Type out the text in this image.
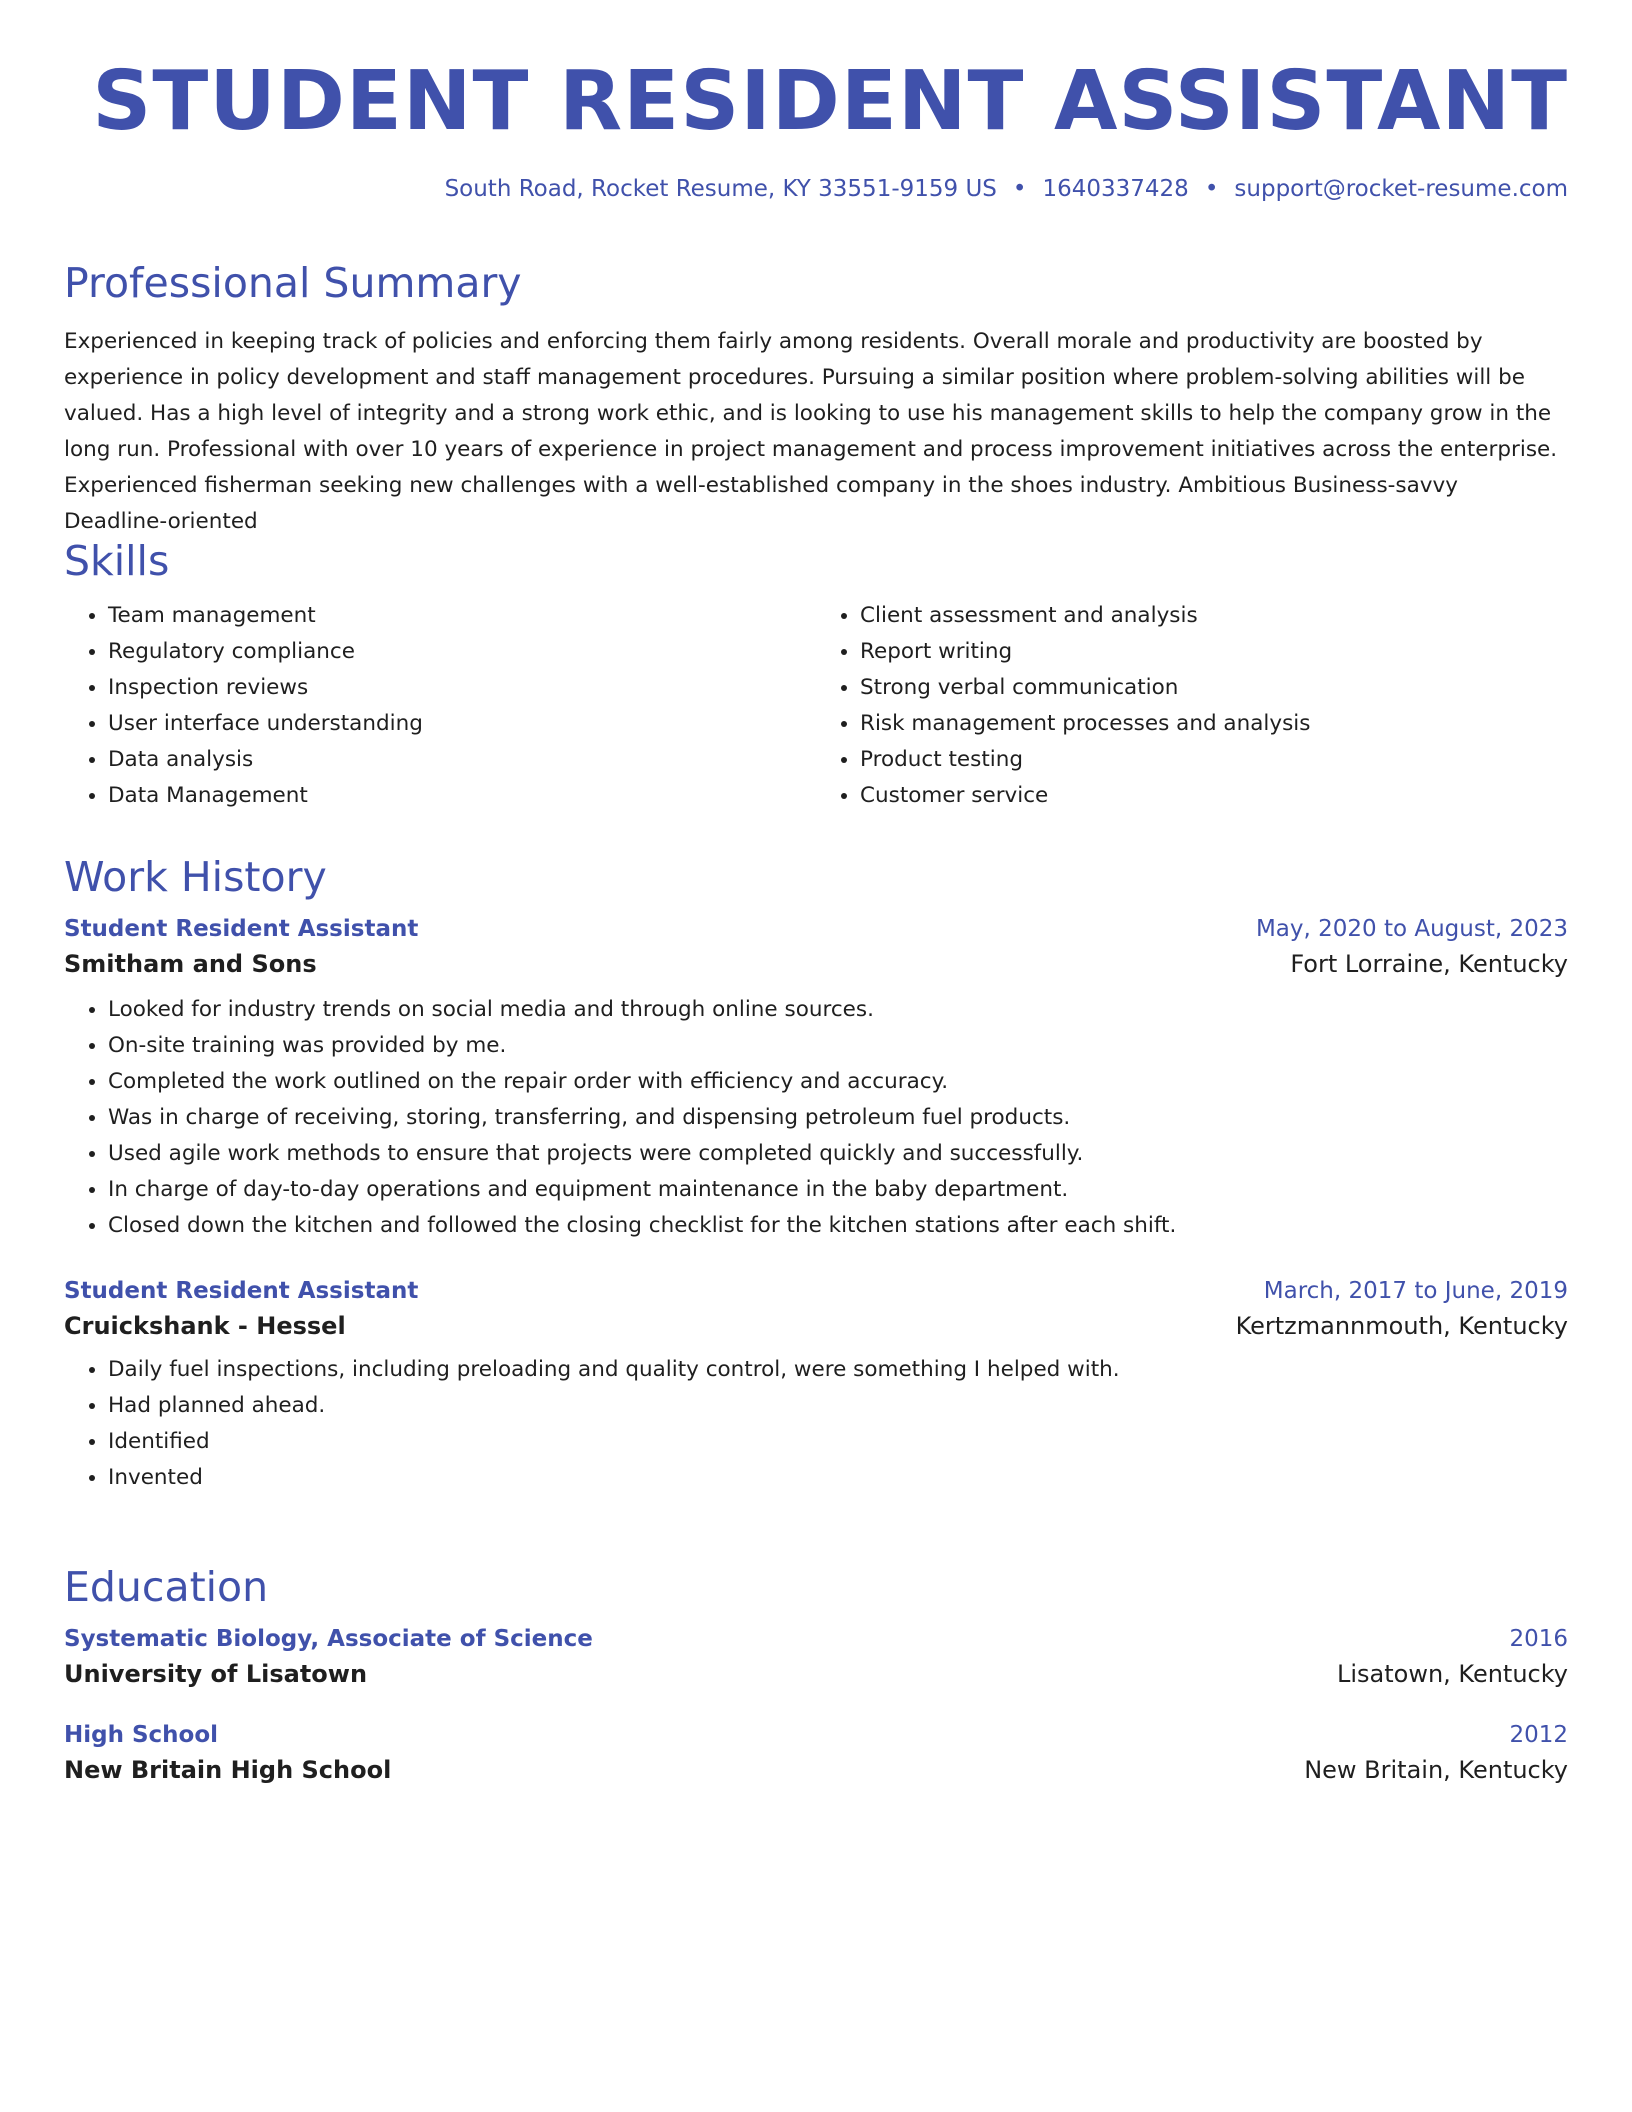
STUDENT RESIDENT ASSISTANT
South Road, Rocket Resume, KY 33551-9159 US • 1640337428 • support@rocket-resume.com
Professional Summary

Experienced in keeping track of policies and enforcing them fairly among residents. Overall morale and productivity are boosted by experience in policy development and staff management procedures. Pursuing a similar position where problem-solving abilities will be valued. Has a high level of integrity and a strong work ethic, and is looking to use his management skills to help the company grow in the long run. Professional with over 10 years of experience in project management and process improvement initiatives across the enterprise. Experienced fisherman seeking new challenges with a well-established company in the shoes industry. Ambitious Business-savvy Deadline-oriented

Skills
• Team management
• Regulatory compliance
• Inspection reviews
• User interface understanding
• Data analysis
• Data Management
• Client assessment and analysis
• Report writing
• Strong verbal communication
• Risk management processes and analysis
• Product testing
• Customer service
Work History
Student Resident Assistant	May, 2020 to August, 2023
Smitham and Sons	Fort Lorraine, Kentucky
• Looked for industry trends on social media and through online sources.
• On-site training was provided by me.
• Completed the work outlined on the repair order with efficiency and accuracy.
• Was in charge of receiving, storing, transferring, and dispensing petroleum fuel products.
• Used agile work methods to ensure that projects were completed quickly and successfully.
• In charge of day-to-day operations and equipment maintenance in the baby department.
• Closed down the kitchen and followed the closing checklist for the kitchen stations after each shift.
Student Resident Assistant	March, 2017 to June, 2019
Cruickshank - Hessel	Kertzmannmouth, Kentucky
• Daily fuel inspections, including preloading and quality control, were something I helped with.
• Had planned ahead.
• Identified
• Invented
Education
Systematic Biology, Associate of Science	2016
University of Lisatown	Lisatown, Kentucky
High School	2012
New Britain High School	New Britain, Kentucky
